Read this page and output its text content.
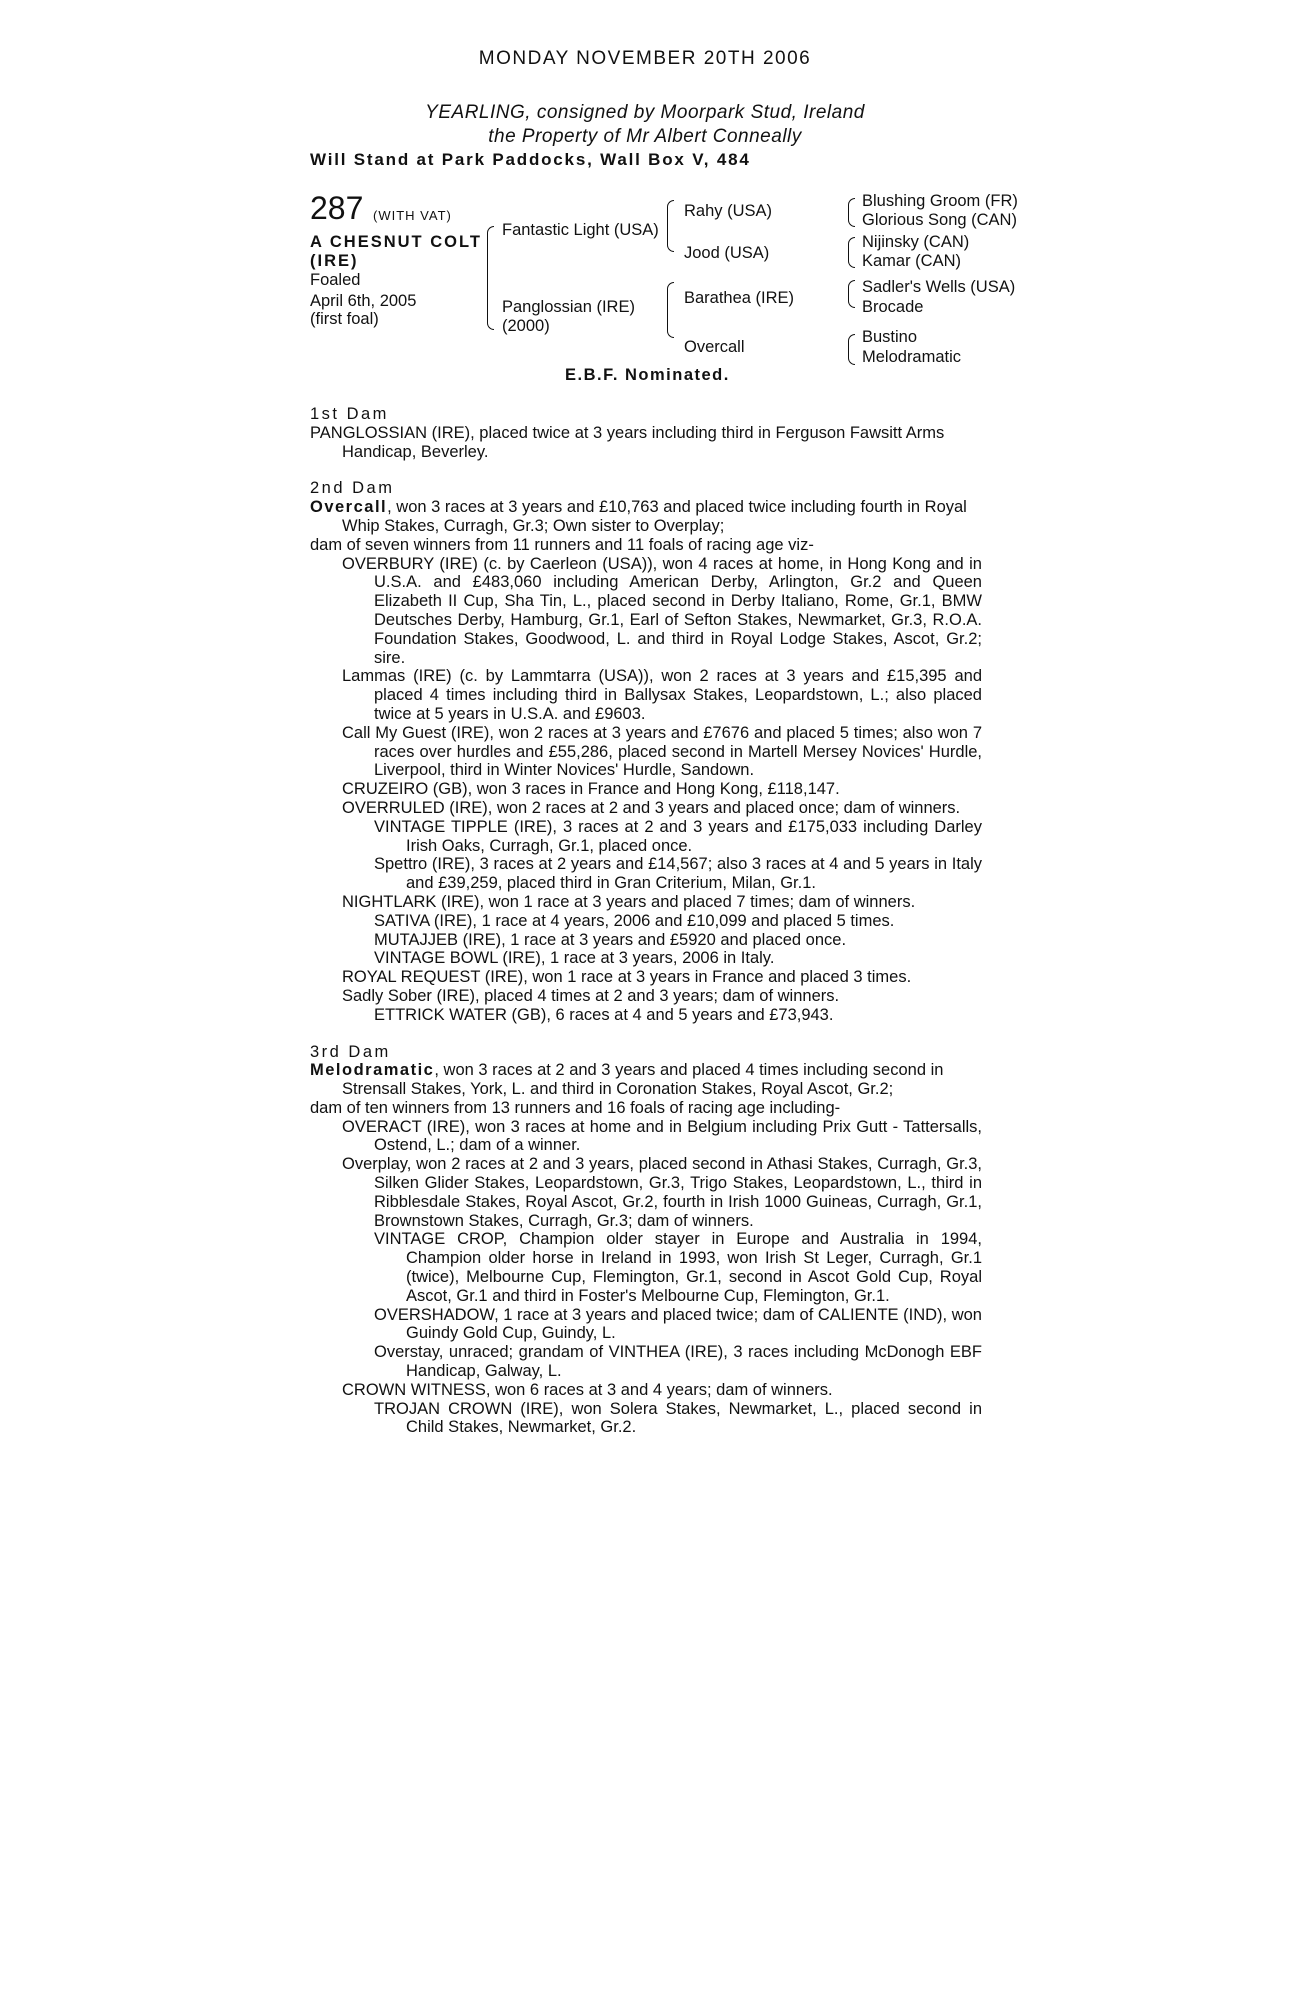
MONDAY NOVEMBER 20TH 2006
YEARLING, consigned by Moorpark Stud, Ireland
the Property of Mr Albert Conneally
Will Stand at Park Paddocks, Wall Box V, 484
287 (WITH VAT)
A CHESNUT COLT
(IRE)
Foaled
April 6th, 2005
(first foal)
Fantastic Light (USA)
Panglossian (IRE)
(2000)
Rahy (USA)
Jood (USA)
Barathea (IRE)
Overcall
Blushing Groom (FR)
Glorious Song (CAN)
Nijinsky (CAN)
Kamar (CAN)
Sadler's Wells (USA)
Brocade
Bustino
Melodramatic
E.B.F. Nominated.

1st Dam

PANGLOSSIAN (IRE), placed twice at 3 years including third in Ferguson Fawsitt Arms Handicap, Beverley.

2nd Dam

Overcall, won 3 races at 3 years and £10,763 and placed twice including fourth in Royal Whip Stakes, Curragh, Gr.3; Own sister to Overplay;

dam of seven winners from 11 runners and 11 foals of racing age viz-

OVERBURY (IRE) (c. by Caerleon (USA)), won 4 races at home, in Hong Kong and in U.S.A. and £483,060 including American Derby, Arlington, Gr.2 and Queen Elizabeth II Cup, Sha Tin, L., placed second in Derby Italiano, Rome, Gr.1, BMW Deutsches Derby, Hamburg, Gr.1, Earl of Sefton Stakes, Newmarket, Gr.3, R.O.A. Foundation Stakes, Goodwood, L. and third in Royal Lodge Stakes, Ascot, Gr.2; sire.

Lammas (IRE) (c. by Lammtarra (USA)), won 2 races at 3 years and £15,395 and placed 4 times including third in Ballysax Stakes, Leopardstown, L.; also placed twice at 5 years in U.S.A. and £9603.

Call My Guest (IRE), won 2 races at 3 years and £7676 and placed 5 times; also won 7 races over hurdles and £55,286, placed second in Martell Mersey Novices' Hurdle, Liverpool, third in Winter Novices' Hurdle, Sandown.

CRUZEIRO (GB), won 3 races in France and Hong Kong, £118,147.

OVERRULED (IRE), won 2 races at 2 and 3 years and placed once; dam of winners.

VINTAGE TIPPLE (IRE), 3 races at 2 and 3 years and £175,033 including Darley Irish Oaks, Curragh, Gr.1, placed once.

Spettro (IRE), 3 races at 2 years and £14,567; also 3 races at 4 and 5 years in Italy and £39,259, placed third in Gran Criterium, Milan, Gr.1.

NIGHTLARK (IRE), won 1 race at 3 years and placed 7 times; dam of winners.

SATIVA (IRE), 1 race at 4 years, 2006 and £10,099 and placed 5 times.

MUTAJJEB (IRE), 1 race at 3 years and £5920 and placed once.

VINTAGE BOWL (IRE), 1 race at 3 years, 2006 in Italy.

ROYAL REQUEST (IRE), won 1 race at 3 years in France and placed 3 times.

Sadly Sober (IRE), placed 4 times at 2 and 3 years; dam of winners.

ETTRICK WATER (GB), 6 races at 4 and 5 years and £73,943.

3rd Dam

Melodramatic, won 3 races at 2 and 3 years and placed 4 times including second in Strensall Stakes, York, L. and third in Coronation Stakes, Royal Ascot, Gr.2;

dam of ten winners from 13 runners and 16 foals of racing age including-

OVERACT (IRE), won 3 races at home and in Belgium including Prix Gutt - Tattersalls, Ostend, L.; dam of a winner.

Overplay, won 2 races at 2 and 3 years, placed second in Athasi Stakes, Curragh, Gr.3, Silken Glider Stakes, Leopardstown, Gr.3, Trigo Stakes, Leopardstown, L., third in Ribblesdale Stakes, Royal Ascot, Gr.2, fourth in Irish 1000 Guineas, Curragh, Gr.1, Brownstown Stakes, Curragh, Gr.3; dam of winners.

VINTAGE CROP, Champion older stayer in Europe and Australia in 1994, Champion older horse in Ireland in 1993, won Irish St Leger, Curragh, Gr.1 (twice), Melbourne Cup, Flemington, Gr.1, second in Ascot Gold Cup, Royal Ascot, Gr.1 and third in Foster's Melbourne Cup, Flemington, Gr.1.

OVERSHADOW, 1 race at 3 years and placed twice; dam of CALIENTE (IND), won Guindy Gold Cup, Guindy, L.

Overstay, unraced; grandam of VINTHEA (IRE), 3 races including McDonogh EBF Handicap, Galway, L.

CROWN WITNESS, won 6 races at 3 and 4 years; dam of winners.

TROJAN CROWN (IRE), won Solera Stakes, Newmarket, L., placed second in Child Stakes, Newmarket, Gr.2.
